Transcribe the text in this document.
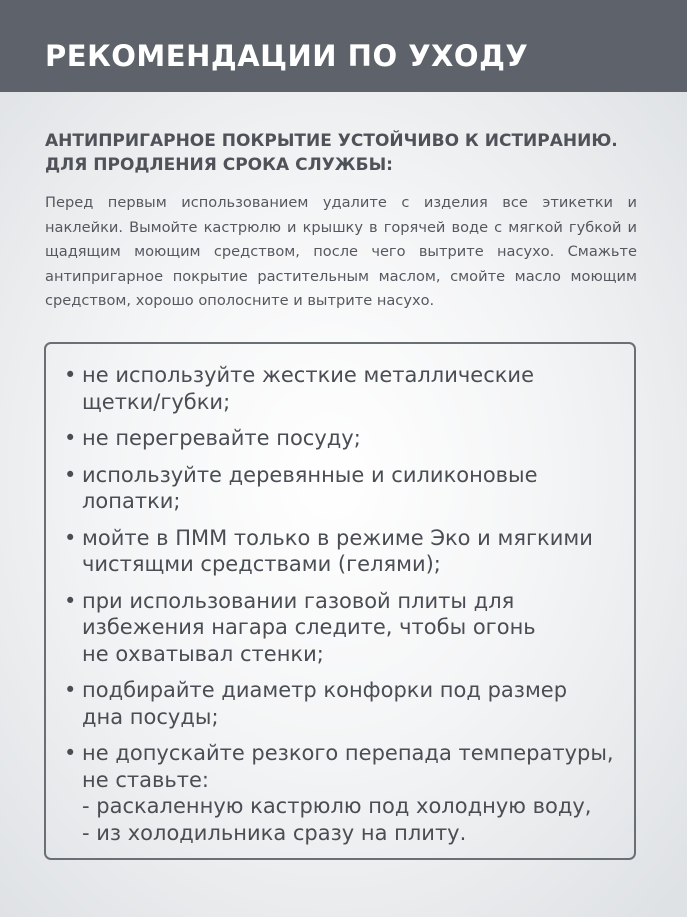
РЕКОМЕНДАЦИИ ПО УХОДУ
АНТИПРИГАРНОЕ ПОКРЫТИЕ УСТОЙЧИВО К ИСТИРАНИЮ.
ДЛЯ ПРОДЛЕНИЯ СРОКА СЛУЖБЫ:

Перед первым использованием удалите с изделия все этикетки и наклейки. Вымойте кастрюлю и крышку в горячей воде с мягкой губкой и щадящим моющим средством, после чего вытрите насухо. Смажьте антипригарное покрытие растительным маслом, смойте масло моющим средством, хорошо ополосните и вытрите насухо.

• не используйте жесткие металлические
щетки/губки;
• не перегревайте посуду;
• используйте деревянные и силиконовые
лопатки;
• мойте в ПММ только в режиме Эко и мягкими
чистящми средствами (гелями);
• при использовании газовой плиты для
избежения нагара следите, чтобы огонь
не охватывал стенки;
• подбирайте диаметр конфорки под размер
дна посуды;
• не допускайте резкого перепада температуры,
не ставьте:
- раскаленную кастрюлю под холодную воду,
- из холодильника сразу на плиту.
